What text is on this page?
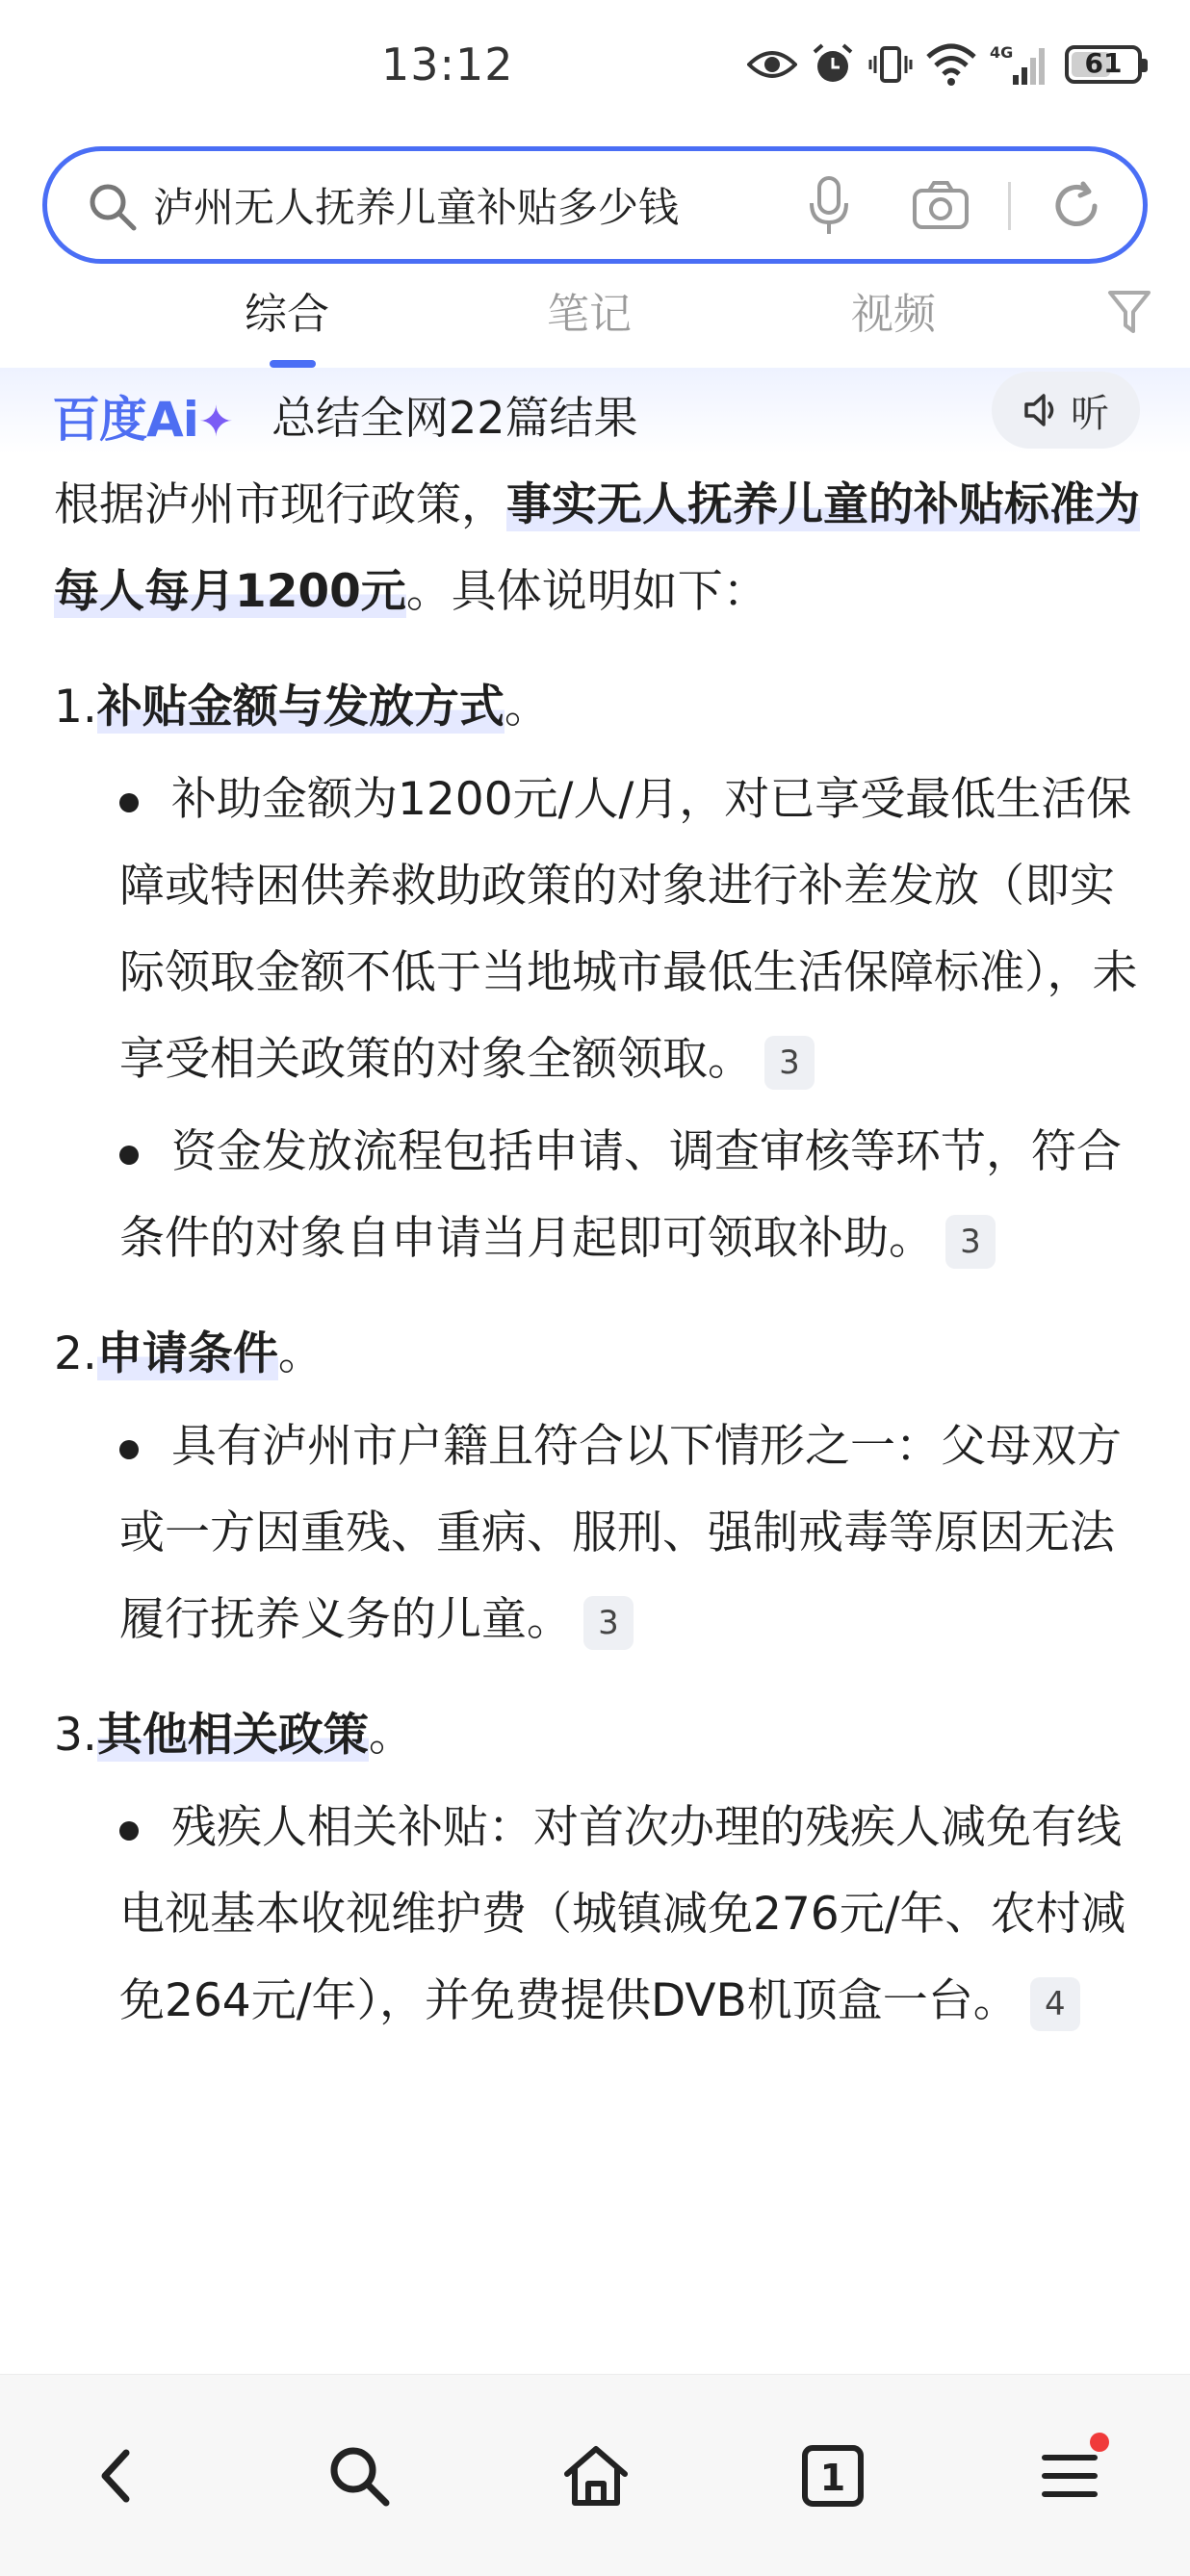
13:12	4G	61
泸州无人抚养儿童补贴多少钱
综合	笔记	视频
百度Ai✦ 总结全网22篇结果	听

根据泸州市现行政策，事实无人抚养儿童的补贴标准为每人每月1200元。具体说明如下：

1.补贴金额与发放方式。
补助金额为1200元/人/月，对已享受最低生活保障或特困供养救助政策的对象进行补差发放（即实际领取金额不低于当地城市最低生活保障标准），未享受相关政策的对象全额领取。 3
资金发放流程包括申请、调查审核等环节，符合条件的对象自申请当月起即可领取补助。 3
2.申请条件。
具有泸州市户籍且符合以下情形之一：父母双方或一方因重残、重病、服刑、强制戒毒等原因无法履行抚养义务的儿童。 3
3.其他相关政策。
残疾人相关补贴：对首次办理的残疾人减免有线电视基本收视维护费（城镇减免276元/年、农村减免264元/年），并免费提供DVB机顶盒一台。 4
1
